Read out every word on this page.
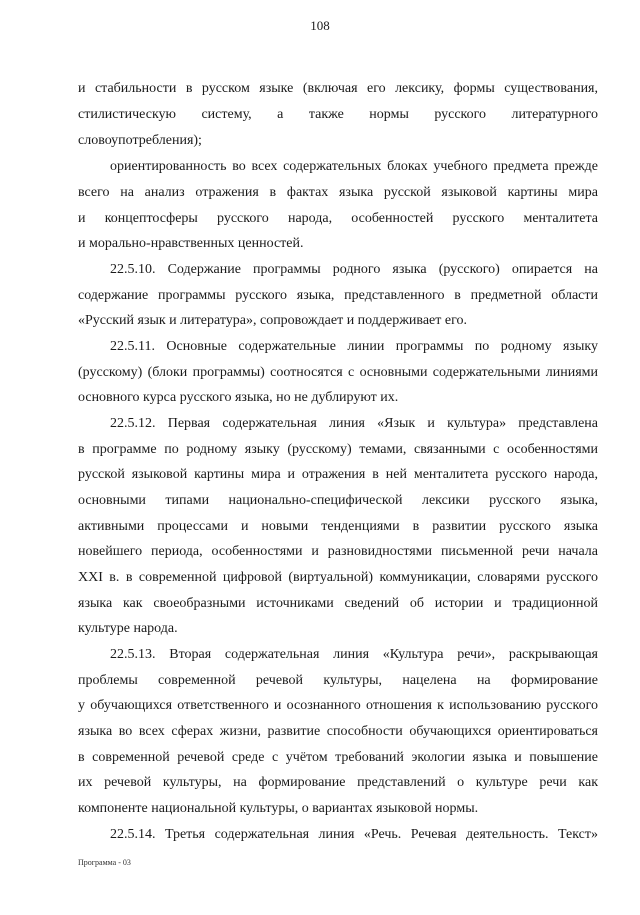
108
и стабильности в русском языке (включая его лексику, формы существования,
стилистическую систему, а также нормы русского литературного
словоупотребления);
ориентированность во всех содержательных блоках учебного предмета прежде
всего на анализ отражения в фактах языка русской языковой картины мира
и концептосферы русского народа, особенностей русского менталитета
и морально-нравственных ценностей.
22.5.10. Содержание программы родного языка (русского) опирается на
содержание программы русского языка, представленного в предметной области
«Русский язык и литература», сопровождает и поддерживает его.
22.5.11. Основные содержательные линии программы по родному языку
(русскому) (блоки программы) соотносятся с основными содержательными линиями
основного курса русского языка, но не дублируют их.
22.5.12. Первая содержательная линия «Язык и культура» представлена
в программе по родному языку (русскому) темами, связанными с особенностями
русской языковой картины мира и отражения в ней менталитета русского народа,
основными типами национально-специфической лексики русского языка,
активными процессами и новыми тенденциями в развитии русского языка
новейшего периода, особенностями и разновидностями письменной речи начала
XXI в. в современной цифровой (виртуальной) коммуникации, словарями русского
языка как своеобразными источниками сведений об истории и традиционной
культуре народа.
22.5.13. Вторая содержательная линия «Культура речи», раскрывающая
проблемы современной речевой культуры, нацелена на формирование
у обучающихся ответственного и осознанного отношения к использованию русского
языка во всех сферах жизни, развитие способности обучающихся ориентироваться
в современной речевой среде с учётом требований экологии языка и повышение
их речевой культуры, на формирование представлений о культуре речи как
компоненте национальной культуры, о вариантах языковой нормы.
22.5.14. Третья содержательная линия «Речь. Речевая деятельность. Текст»
Программа - 03
